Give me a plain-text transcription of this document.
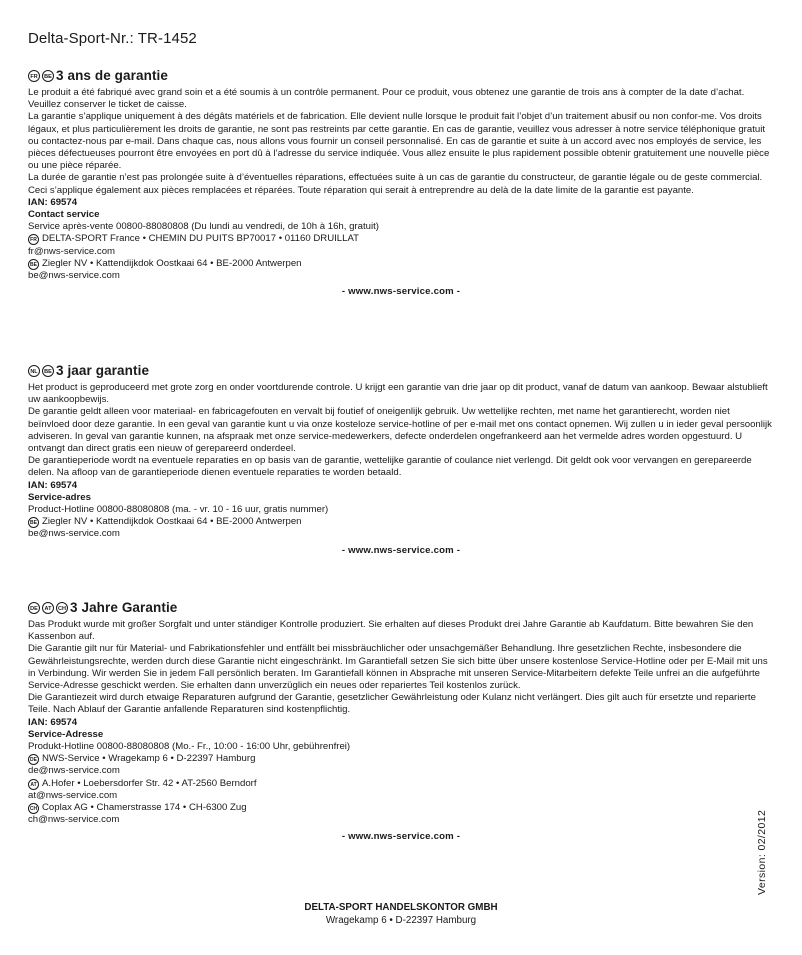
Delta-Sport-Nr.: TR-1452
FR	BE 3 ans de garantie

Le produit a été fabriqué avec grand soin et a été soumis à un contrôle permanent. Pour ce produit, vous obtenez une garantie de trois ans à compter de la date d’achat. Veuillez conserver le ticket de caisse.

La garantie s’applique uniquement à des dégâts matériels et de fabrication. Elle devient nulle lorsque le produit fait l’objet d’un traitement abusif ou non confor-me. Vos droits légaux, et plus particulièrement les droits de garantie, ne sont pas restreints par cette garantie. En cas de garantie, veuillez vous adresser à notre service téléphonique gratuit ou contactez-nous par e-mail. Dans chaque cas, nous allons vous fournir un conseil personnalisé. En cas de garantie et suite à un accord avec nos employés de service, les pièces défectueuses pourront être envoyées en port dû à l’adresse du service indiquée. Vous allez ensuite le plus rapidement possible obtenir gratuitement une nouvelle pièce ou une pièce réparée.

La durée de garantie n’est pas prolongée suite à d’éventuelles réparations, effectuées suite à un cas de garantie du constructeur, de garantie légale ou de geste commercial. Ceci s’applique également aux pièces remplacées et réparées. Toute réparation qui serait à entreprendre au delà de la date limite de la garantie est payante.

IAN: 69574

Contact service

Service après-vente 00800-88080808 (Du lundi au vendredi, de 10h à 16h, gratuit)

FR DELTA-SPORT France • CHEMIN DU PUITS BP70017 • 01160 DRUILLAT

fr@nws-service.com

BE Ziegler NV • Kattendijkdok Oostkaai 64 • BE-2000 Antwerpen

be@nws-service.com

- www.nws-service.com -

NL	BE 3 jaar garantie

Het product is geproduceerd met grote zorg en onder voortdurende controle. U krijgt een garantie van drie jaar op dit product, vanaf de datum van aankoop. Bewaar alstublieft uw aankoopbewijs.

De garantie geldt alleen voor materiaal- en fabricagefouten en vervalt bij foutief of oneigenlijk gebruik. Uw wettelijke rechten, met name het garantierecht, worden niet beïnvloed door deze garantie. In een geval van garantie kunt u via onze kosteloze service-hotline of per e-mail met ons contact opnemen. Wij zullen u in ieder geval persoonlijk adviseren. In geval van garantie kunnen, na afspraak met onze service-medewerkers, defecte onderdelen ongefrankeerd aan het vermelde adres worden opgestuurd. U ontvangt dan direct gratis een nieuw of gerepareerd onderdeel.

De garantieperiode wordt na eventuele reparaties en op basis van de garantie, wettelijke garantie of coulance niet verlengd. Dit geldt ook voor vervangen en gerepareerde delen. Na afloop van de garantieperiode dienen eventuele reparaties te worden betaald.

IAN: 69574

Service-adres

Product-Hotline 00800-88080808 (ma. - vr. 10 - 16 uur, gratis nummer)

BE Ziegler NV • Kattendijkdok Oostkaai 64 • BE-2000 Antwerpen

be@nws-service.com

- www.nws-service.com -

DE	AT	CH 3 Jahre Garantie

Das Produkt wurde mit großer Sorgfalt und unter ständiger Kontrolle produziert. Sie erhalten auf dieses Produkt drei Jahre Garantie ab Kaufdatum. Bitte bewahren Sie den Kassenbon auf.

Die Garantie gilt nur für Material- und Fabrikationsfehler und entfällt bei missbräuchlicher oder unsachgemäßer Behandlung. Ihre gesetzlichen Rechte, insbesondere die Gewährleistungsrechte, werden durch diese Garantie nicht eingeschränkt. Im Garantiefall setzen Sie sich bitte über unsere kostenlose Service-Hotline oder per E-Mail mit uns in Verbindung. Wir werden Sie in jedem Fall persönlich beraten. Im Garantiefall können in Absprache mit unseren Service-Mitarbeitern defekte Teile unfrei an die aufgeführte Service-Adresse geschickt werden. Sie erhalten dann unverzüglich ein neues oder repariertes Teil kostenlos zurück.

Die Garantiezeit wird durch etwaige Reparaturen aufgrund der Garantie, gesetzlicher Gewährleistung oder Kulanz nicht verlängert. Dies gilt auch für ersetzte und reparierte Teile. Nach Ablauf der Garantie anfallende Reparaturen sind kostenpflichtig.

IAN: 69574

Service-Adresse

Produkt-Hotline 00800-88080808 (Mo.- Fr., 10:00 - 16:00 Uhr, gebührenfrei)

DE NWS-Service • Wragekamp 6 • D-22397 Hamburg

de@nws-service.com

AT A.Hofer • Loebersdorfer Str. 42 • AT-2560 Berndorf

at@nws-service.com

CH Coplax AG • Chamerstrasse 174 • CH-6300 Zug

ch@nws-service.com

- www.nws-service.com -

DELTA-SPORT HANDELSKONTOR GMBH
Wragekamp 6 • D-22397 Hamburg
Version: 02/2012
